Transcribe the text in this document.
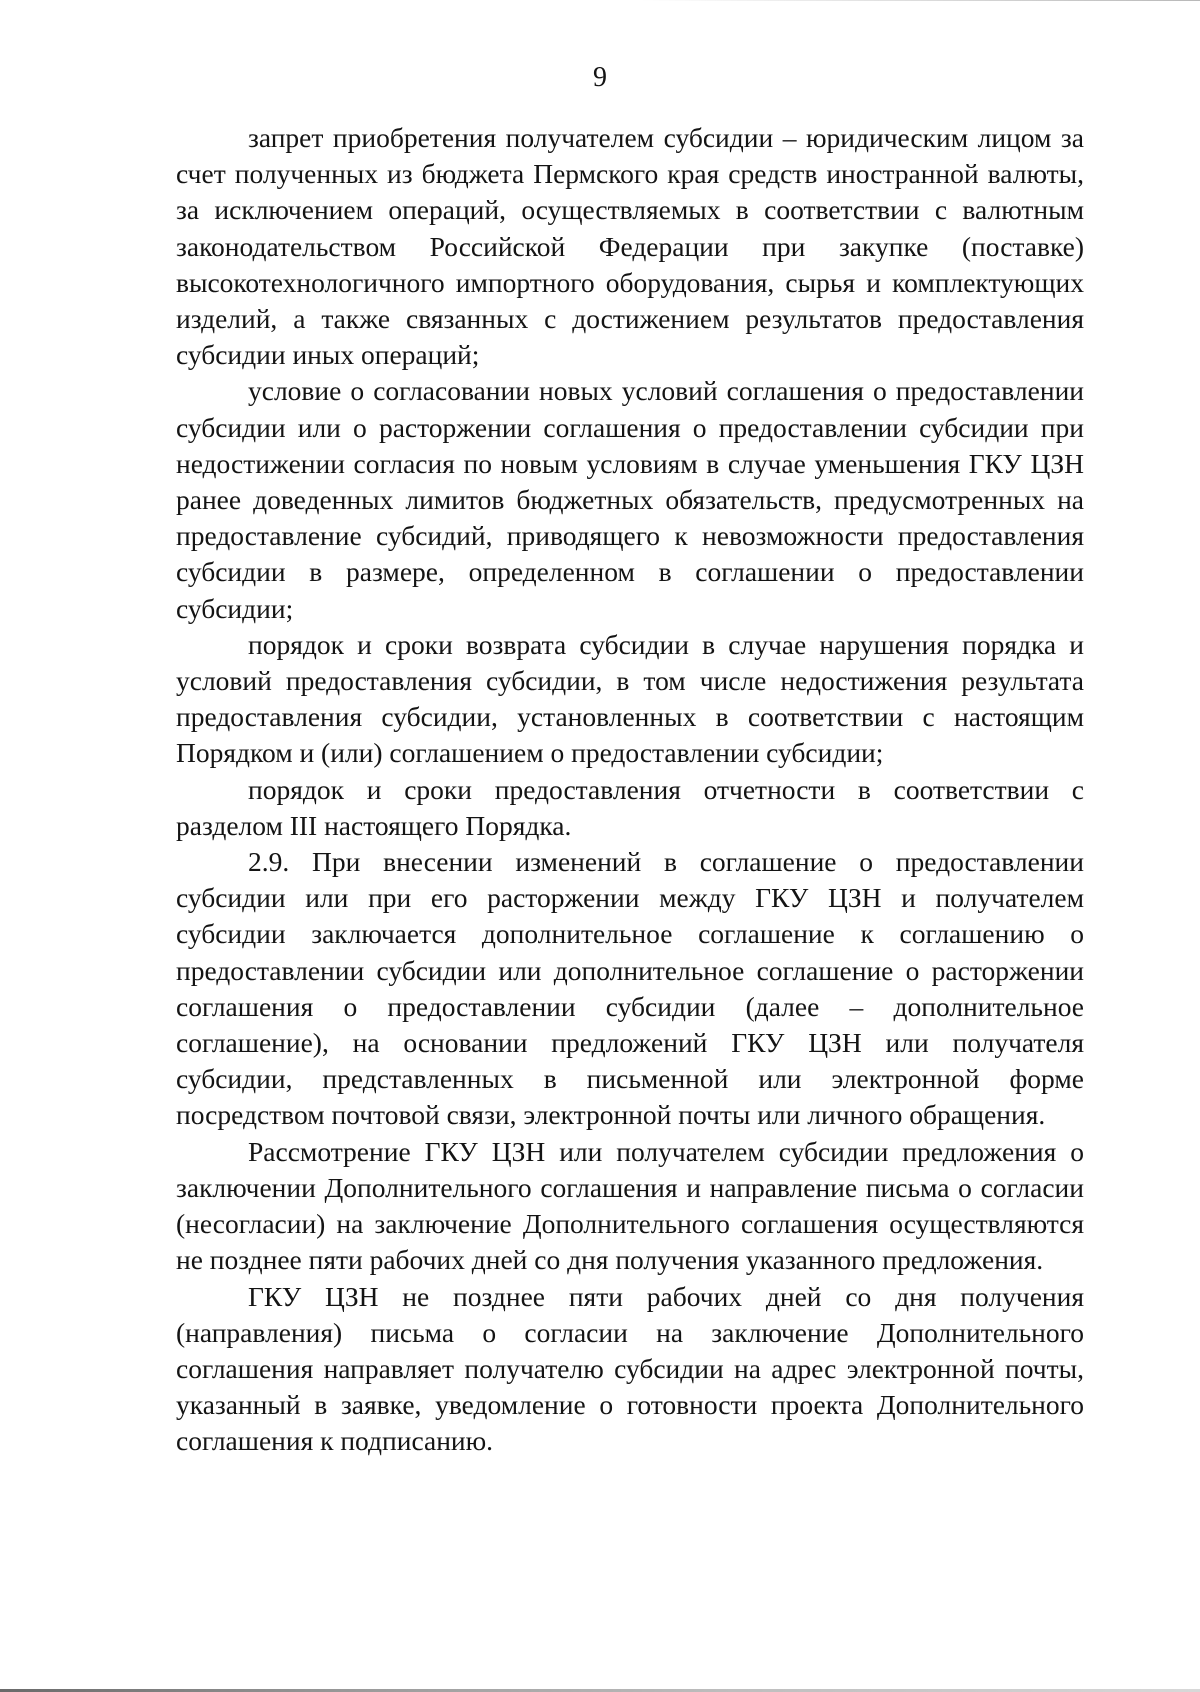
9

запрет приобретения получателем субсидии – юридическим лицом за счет полученных из бюджета Пермского края средств иностранной валюты, за исключением операций, осуществляемых в соответствии с валютным законодательством Российской Федерации при закупке (поставке) высокотехнологичного импортного оборудования, сырья и комплектующих изделий, а также связанных с достижением результатов предоставления субсидии иных операций;

условие о согласовании новых условий соглашения о предоставлении субсидии или о расторжении соглашения о предоставлении субсидии при недостижении согласия по новым условиям в случае уменьшения ГКУ ЦЗН ранее доведенных лимитов бюджетных обязательств, предусмотренных на предоставление субсидий, приводящего к невозможности предоставления субсидии в размере, определенном в соглашении о предоставлении субсидии;

порядок и сроки возврата субсидии в случае нарушения порядка и условий предоставления субсидии, в том числе недостижения результата предоставления субсидии, установленных в соответствии с настоящим Порядком и (или) соглашением о предоставлении субсидии;

порядок и сроки предоставления отчетности в соответствии с разделом III настоящего Порядка.

2.9. При внесении изменений в соглашение о предоставлении субсидии или при его расторжении между ГКУ ЦЗН и получателем субсидии заключается дополнительное соглашение к соглашению о предоставлении субсидии или дополнительное соглашение о расторжении соглашения о предоставлении субсидии (далее – дополнительное соглашение), на основании предложений ГКУ ЦЗН или получателя субсидии, представленных в письменной или электронной форме посредством почтовой связи, электронной почты или личного обращения.

Рассмотрение ГКУ ЦЗН или получателем субсидии предложения о заключении Дополнительного соглашения и направление письма о согласии (несогласии) на заключение Дополнительного соглашения осуществляются не позднее пяти рабочих дней со дня получения указанного предложения.

ГКУ ЦЗН не позднее пяти рабочих дней со дня получения (направления) письма о согласии на заключение Дополнительного соглашения направляет получателю субсидии на адрес электронной почты, указанный в заявке, уведомление о готовности проекта Дополнительного соглашения к подписанию.
